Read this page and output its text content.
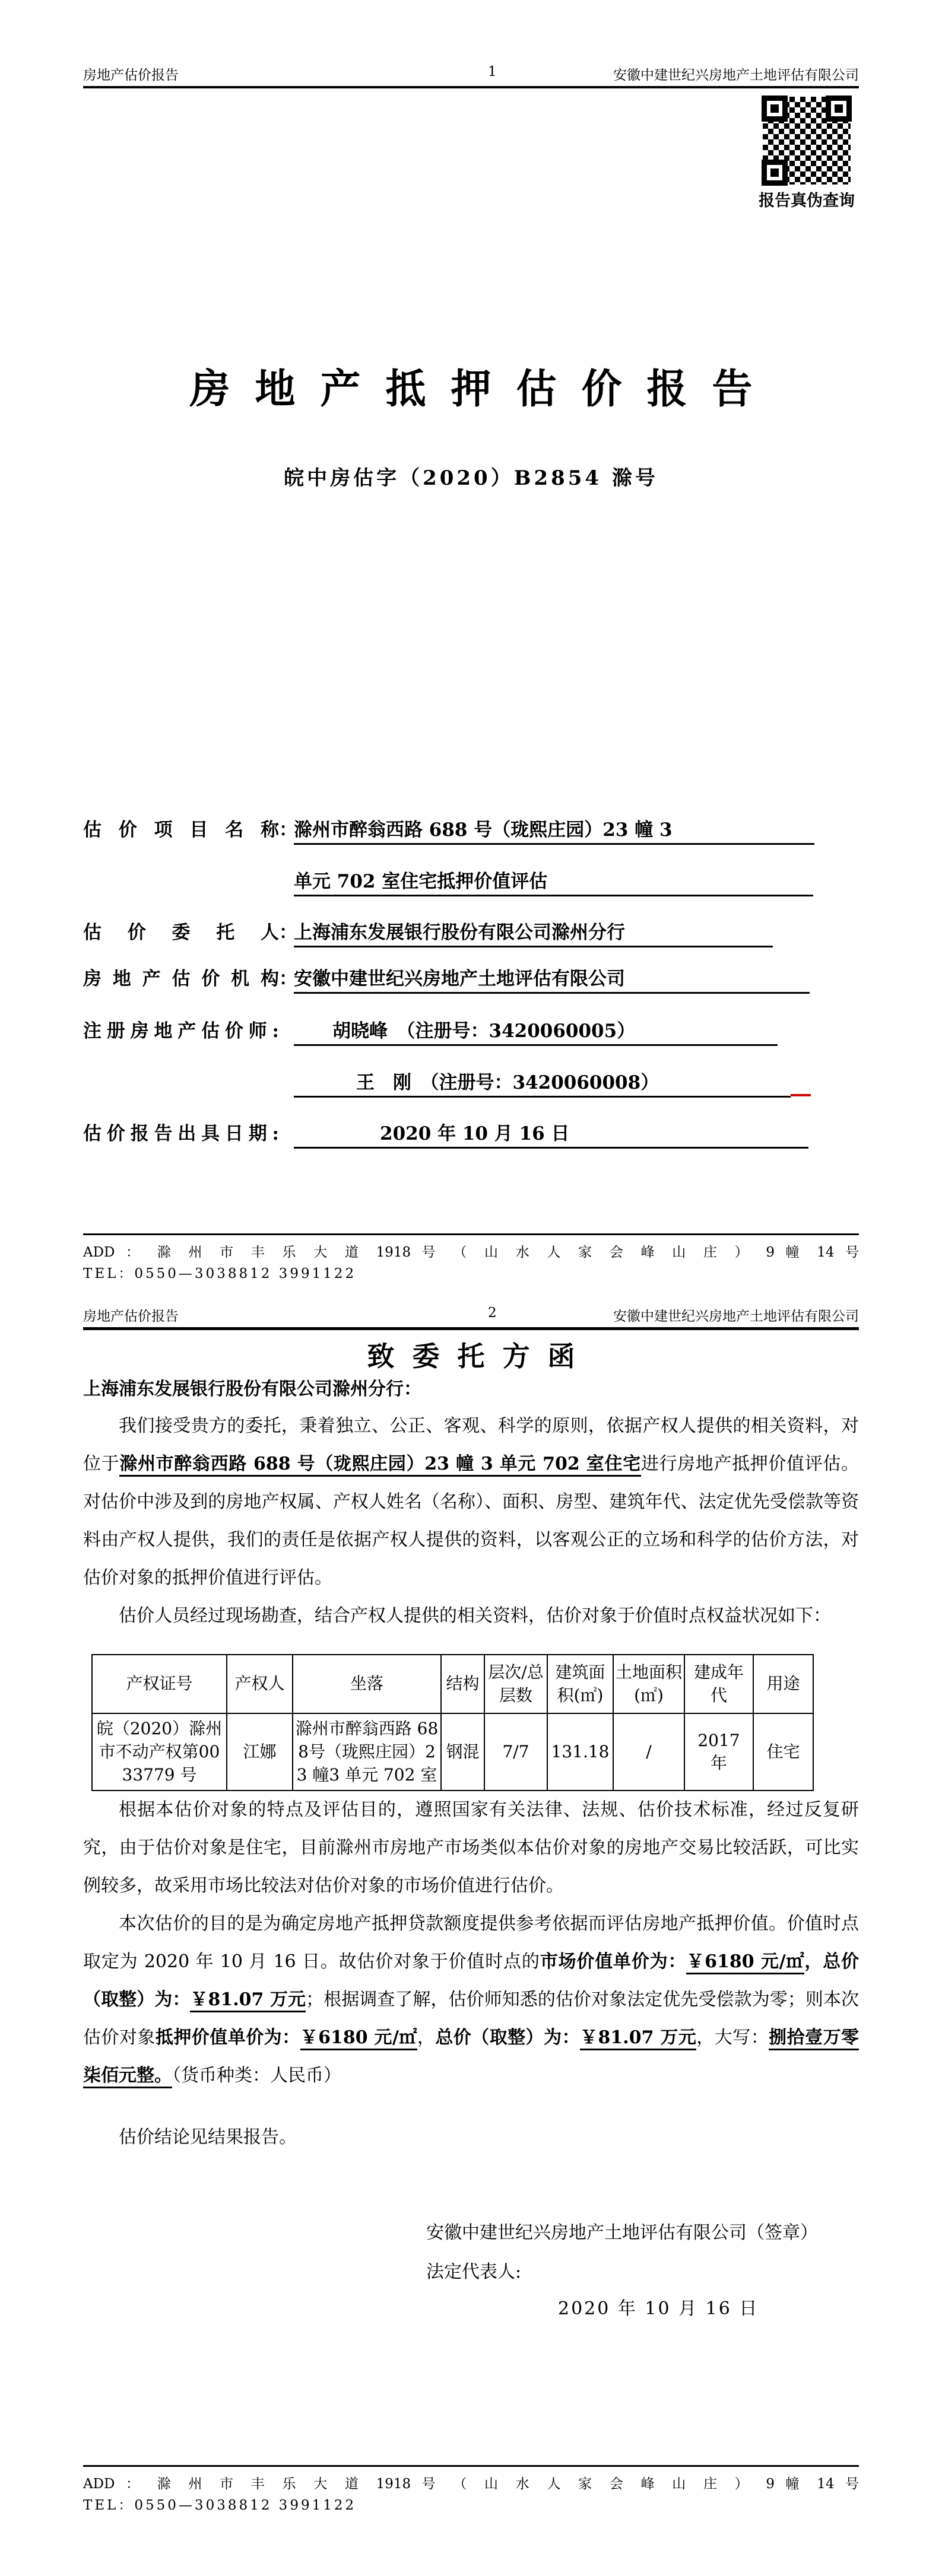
房地产估价报告	1	安徽中建世纪兴房地产土地评估有限公司
报告真伪查询
房地产抵押估价报告
皖中房估字（2020）B2854 滁号
估 价 项 目 名 称：滁州市醉翁西路 688 号（珑熙庄园）23 幢 3
单元 702 室住宅抵押价值评估
估 价 委 托 人：上海浦东发展银行股份有限公司滁州分行
房地产估价机构：安徽中建世纪兴房地产土地评估有限公司
注册房地产估价师:	胡晓峰　（注册号：3420060005）
王　刚　（注册号：3420060008）
估价报告出具日期:	2020 年 10 月 16 日
ADD ： 滁 州 市 丰 乐 大 道 1918 号 （ 山 水 人 家 会 峰 山 庄 ） 9 幢 14 号
TEL：0550—3038812 3991122
房地产估价报告	2	安徽中建世纪兴房地产土地评估有限公司
致委托方函
上海浦东发展银行股份有限公司滁州分行：

我们接受贵方的委托，秉着独立、公正、客观、科学的原则，依据产权人提供的相关资料，对位于滁州市醉翁西路 688 号（珑熙庄园）23 幢 3 单元 702 室住宅进行房地产抵押价值评估。对估价中涉及到的房地产权属、产权人姓名（名称）、面积、房型、建筑年代、法定优先受偿款等资料由产权人提供，我们的责任是依据产权人提供的资料，以客观公正的立场和科学的估价方法，对估价对象的抵押价值进行评估。

估价人员经过现场勘查，结合产权人提供的相关资料，估价对象于价值时点权益状况如下：

产权证号	产权人	坐落	结构	层次/总层数	建筑面积(㎡)	土地面积(㎡)	建成年代	用途
皖（2020）滁州市不动产权第0033779 号	江娜	滁州市醉翁西路 688号（珑熙庄园）23 幢3 单元 702 室	钢混	7/7	131.18	/	2017 年	住宅

根据本估价对象的特点及评估目的，遵照国家有关法律、法规、估价技术标准，经过反复研究，由于估价对象是住宅，目前滁州市房地产市场类似本估价对象的房地产交易比较活跃，可比实例较多，故采用市场比较法对估价对象的市场价值进行估价。

本次估价的目的是为确定房地产抵押贷款额度提供参考依据而评估房地产抵押价值。价值时点取定为 2020 年 10 月 16 日。故估价对象于价值时点的市场价值单价为：￥6180 元/㎡，总价（取整）为：￥81.07 万元；根据调查了解，估价师知悉的估价对象法定优先受偿款为零；则本次估价对象抵押价值单价为：￥6180 元/㎡，总价（取整）为：￥81.07 万元，大写：捌拾壹万零柒佰元整。（货币种类：人民币）

估价结论见结果报告。

安徽中建世纪兴房地产土地评估有限公司（签章）
法定代表人:
2020 年 10 月 16 日
ADD ： 滁 州 市 丰 乐 大 道 1918 号 （ 山 水 人 家 会 峰 山 庄 ） 9 幢 14 号
TEL：0550—3038812 3991122
